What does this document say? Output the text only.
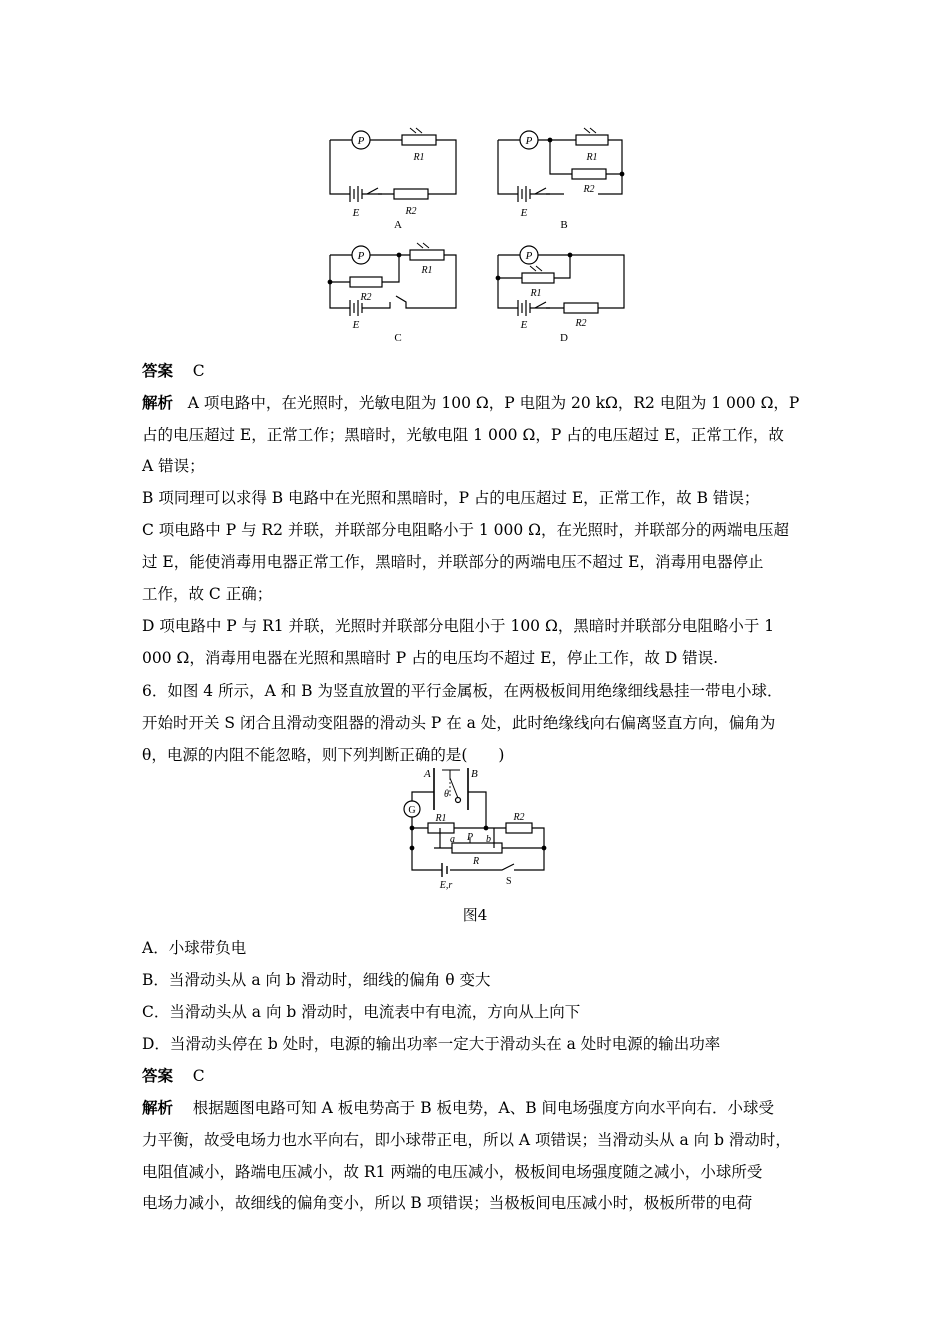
P
R1
E	R2
A
P
R1
R2
E
B
P
R1
R2
E
C
P
R1
R2
E
D
答案 C
解析 A 项电路中，在光照时，光敏电阻为 100 Ω，P 电阻为 20 kΩ，R2 电阻为 1 000 Ω，P
占的电压超过 E，正常工作；黑暗时，光敏电阻 1 000 Ω，P 占的电压超过 E，正常工作，故
A 错误；
B 项同理可以求得 B 电路中在光照和黑暗时，P 占的电压超过 E，正常工作，故 B 错误；
C 项电路中 P 与 R2 并联，并联部分电阻略小于 1 000 Ω，在光照时，并联部分的两端电压超
过 E，能使消毒用电器正常工作，黑暗时，并联部分的两端电压不超过 E，消毒用电器停止
工作，故 C 正确；
D 项电路中 P 与 R1 并联，光照时并联部分电阻小于 100 Ω，黑暗时并联部分电阻略小于 1
000 Ω，消毒用电器在光照和黑暗时 P 占的电压均不超过 E，停止工作，故 D 错误.
6．如图 4 所示，A 和 B 为竖直放置的平行金属板，在两极板间用绝缘细线悬挂一带电小球．
开始时开关 S 闭合且滑动变阻器的滑动头 P 在 a 处，此时绝缘线向右偏离竖直方向，偏角为
θ，电源的内阻不能忽略，则下列判断正确的是(　　)
A	B
θ
G
R1	R2
a P b
R
E,r	S
图4
A．小球带负电
B．当滑动头从 a 向 b 滑动时，细线的偏角 θ 变大
C．当滑动头从 a 向 b 滑动时，电流表中有电流，方向从上向下
D．当滑动头停在 b 处时，电源的输出功率一定大于滑动头在 a 处时电源的输出功率
答案 C
解析 根据题图电路可知 A 板电势高于 B 板电势，A、B 间电场强度方向水平向右．小球受
力平衡，故受电场力也水平向右，即小球带正电，所以 A 项错误；当滑动头从 a 向 b 滑动时，
电阻值减小，路端电压减小，故 R1 两端的电压减小，极板间电场强度随之减小，小球所受
电场力减小，故细线的偏角变小，所以 B 项错误；当极板间电压减小时，极板所带的电荷
